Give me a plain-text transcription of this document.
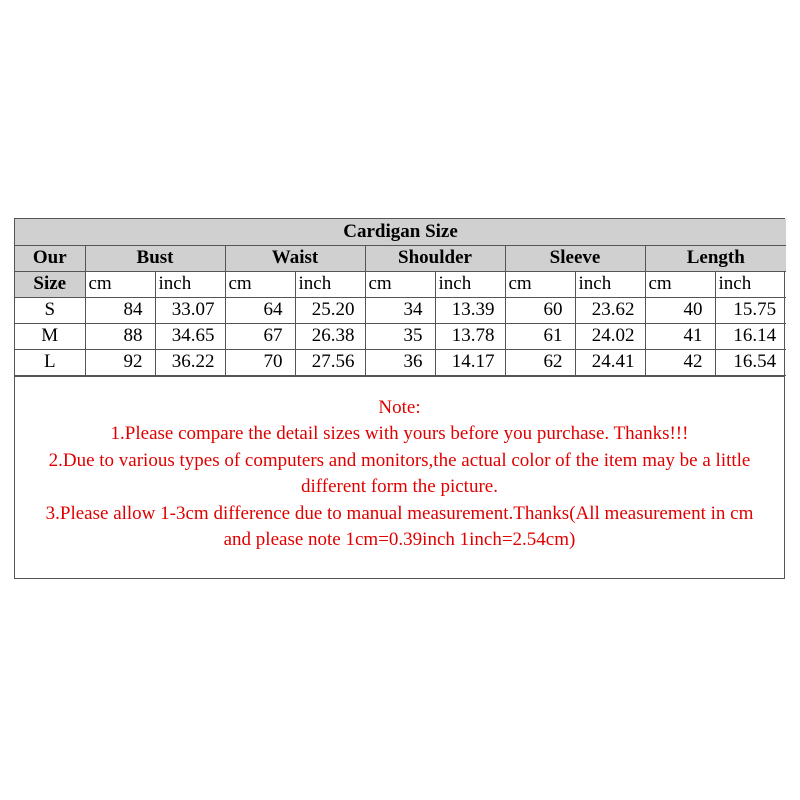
Cardigan Size										
Our	Bust		Waist		Shoulder		Sleeve		Length	
Size	cm	inch	cm	inch	cm	inch	cm	inch	cm	inch
S	84	33.07	64	25.20	34	13.39	60	23.62	40	15.75
M	88	34.65	67	26.38	35	13.78	61	24.02	41	16.14
L	92	36.22	70	27.56	36	14.17	62	24.41	42	16.54

Note:

1.Please compare the detail sizes with yours before you purchase. Thanks!!!

2.Due to various types of computers and monitors,the actual color of the item may be a little

different form the picture.

3.Please allow 1-3cm difference due to manual measurement.Thanks(All measurement in cm

and please note 1cm=0.39inch 1inch=2.54cm)
